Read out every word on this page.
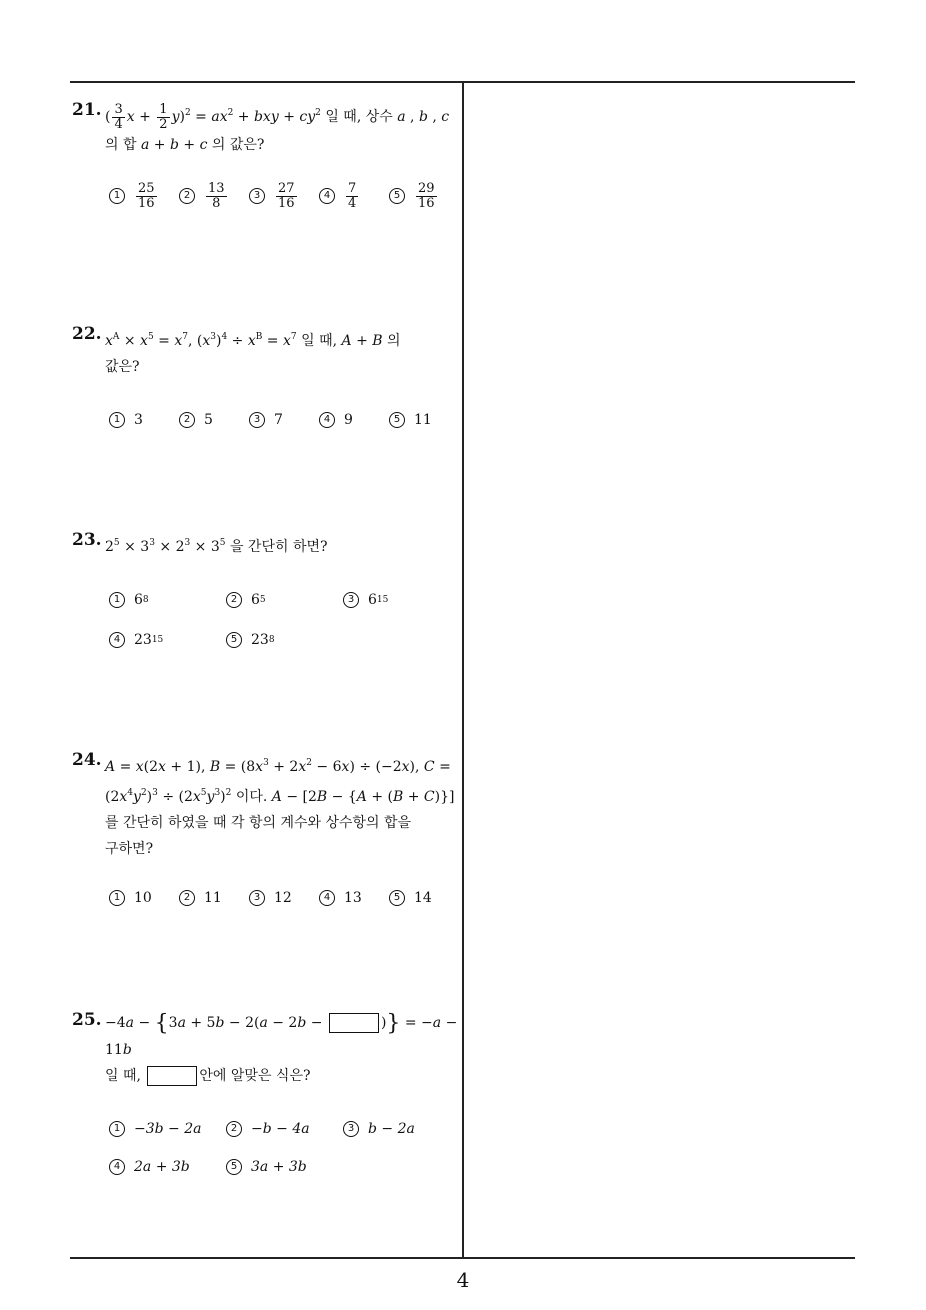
21. ( $\frac{3}{4}$ $x + \frac{1}{2} y)^2 = ax^2$ + bxy + $cy^2$ 일 때, 상수 a , b , c
의 합 a + b + c 의 값은?
1	$\frac{25}{16}$	2	$\frac{13}{8}$	3	$\frac{27}{16}$	4	$\frac{7}{4}$	5	$\frac{29}{16}$
22. $x^A \times x^5 = x^7$, $(x^3)^4 \div x^B = x^7$ 일 때, A + B 의
값은?
1 3	2 5	3 7	4 9	5 11
23. $2^5 \times 3^3 \times 2^3 \times 3^5$ 을 간단히 하면?
1 6 8	2 6 5	3 6 15
4 23 15	5 23 8
24. A = x(2x + 1), $B = (8x^3 + 2x^2 - 6x) \div (-2x)$, C =
$(2x^4y^2)^3 \div (2x^5y^3)^2$ 이다. A − [2B − {A + (B + C)}]
를 간단히 하였을 때 각 항의 계수와 상수항의 합을
구하면?
1 10	2 11	3 12	4 13	5 14
25. −4a − {3a + 5b − 2(a − 2b −	)} = −a − 11b
일 때,	안에 알맞은 식은?
1 −3b − 2a	2 −b − 4a	3 b − 2a
4 2a + 3b	5 3a + 3b
4
